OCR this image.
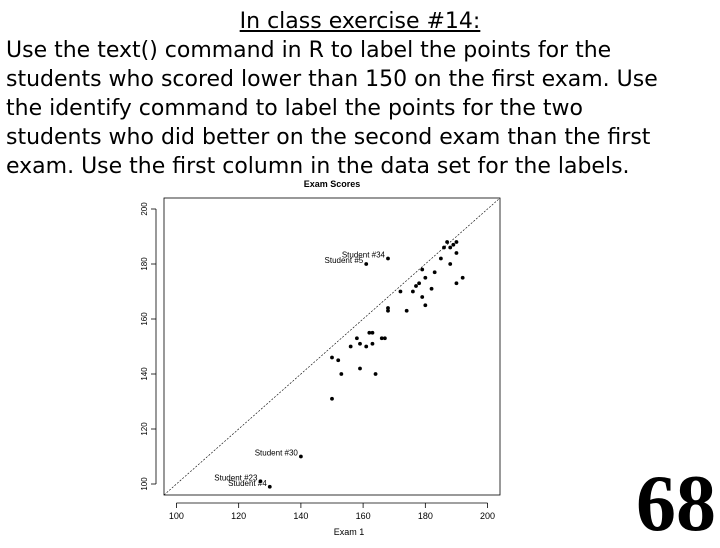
In class exercise #14:
Use the text() command in R to label the points for the
students who scored lower than 150 on the first exam. Use
the identify command to label the points for the two
students who did better on the second exam than the first
exam. Use the first column in the data set for the labels.
Exam Scores
100	120	140	160	180	200
100
120
140
160
180
200
Student #34
Student #5
Student #30
Student #23
Student #4
Exam 1	68
